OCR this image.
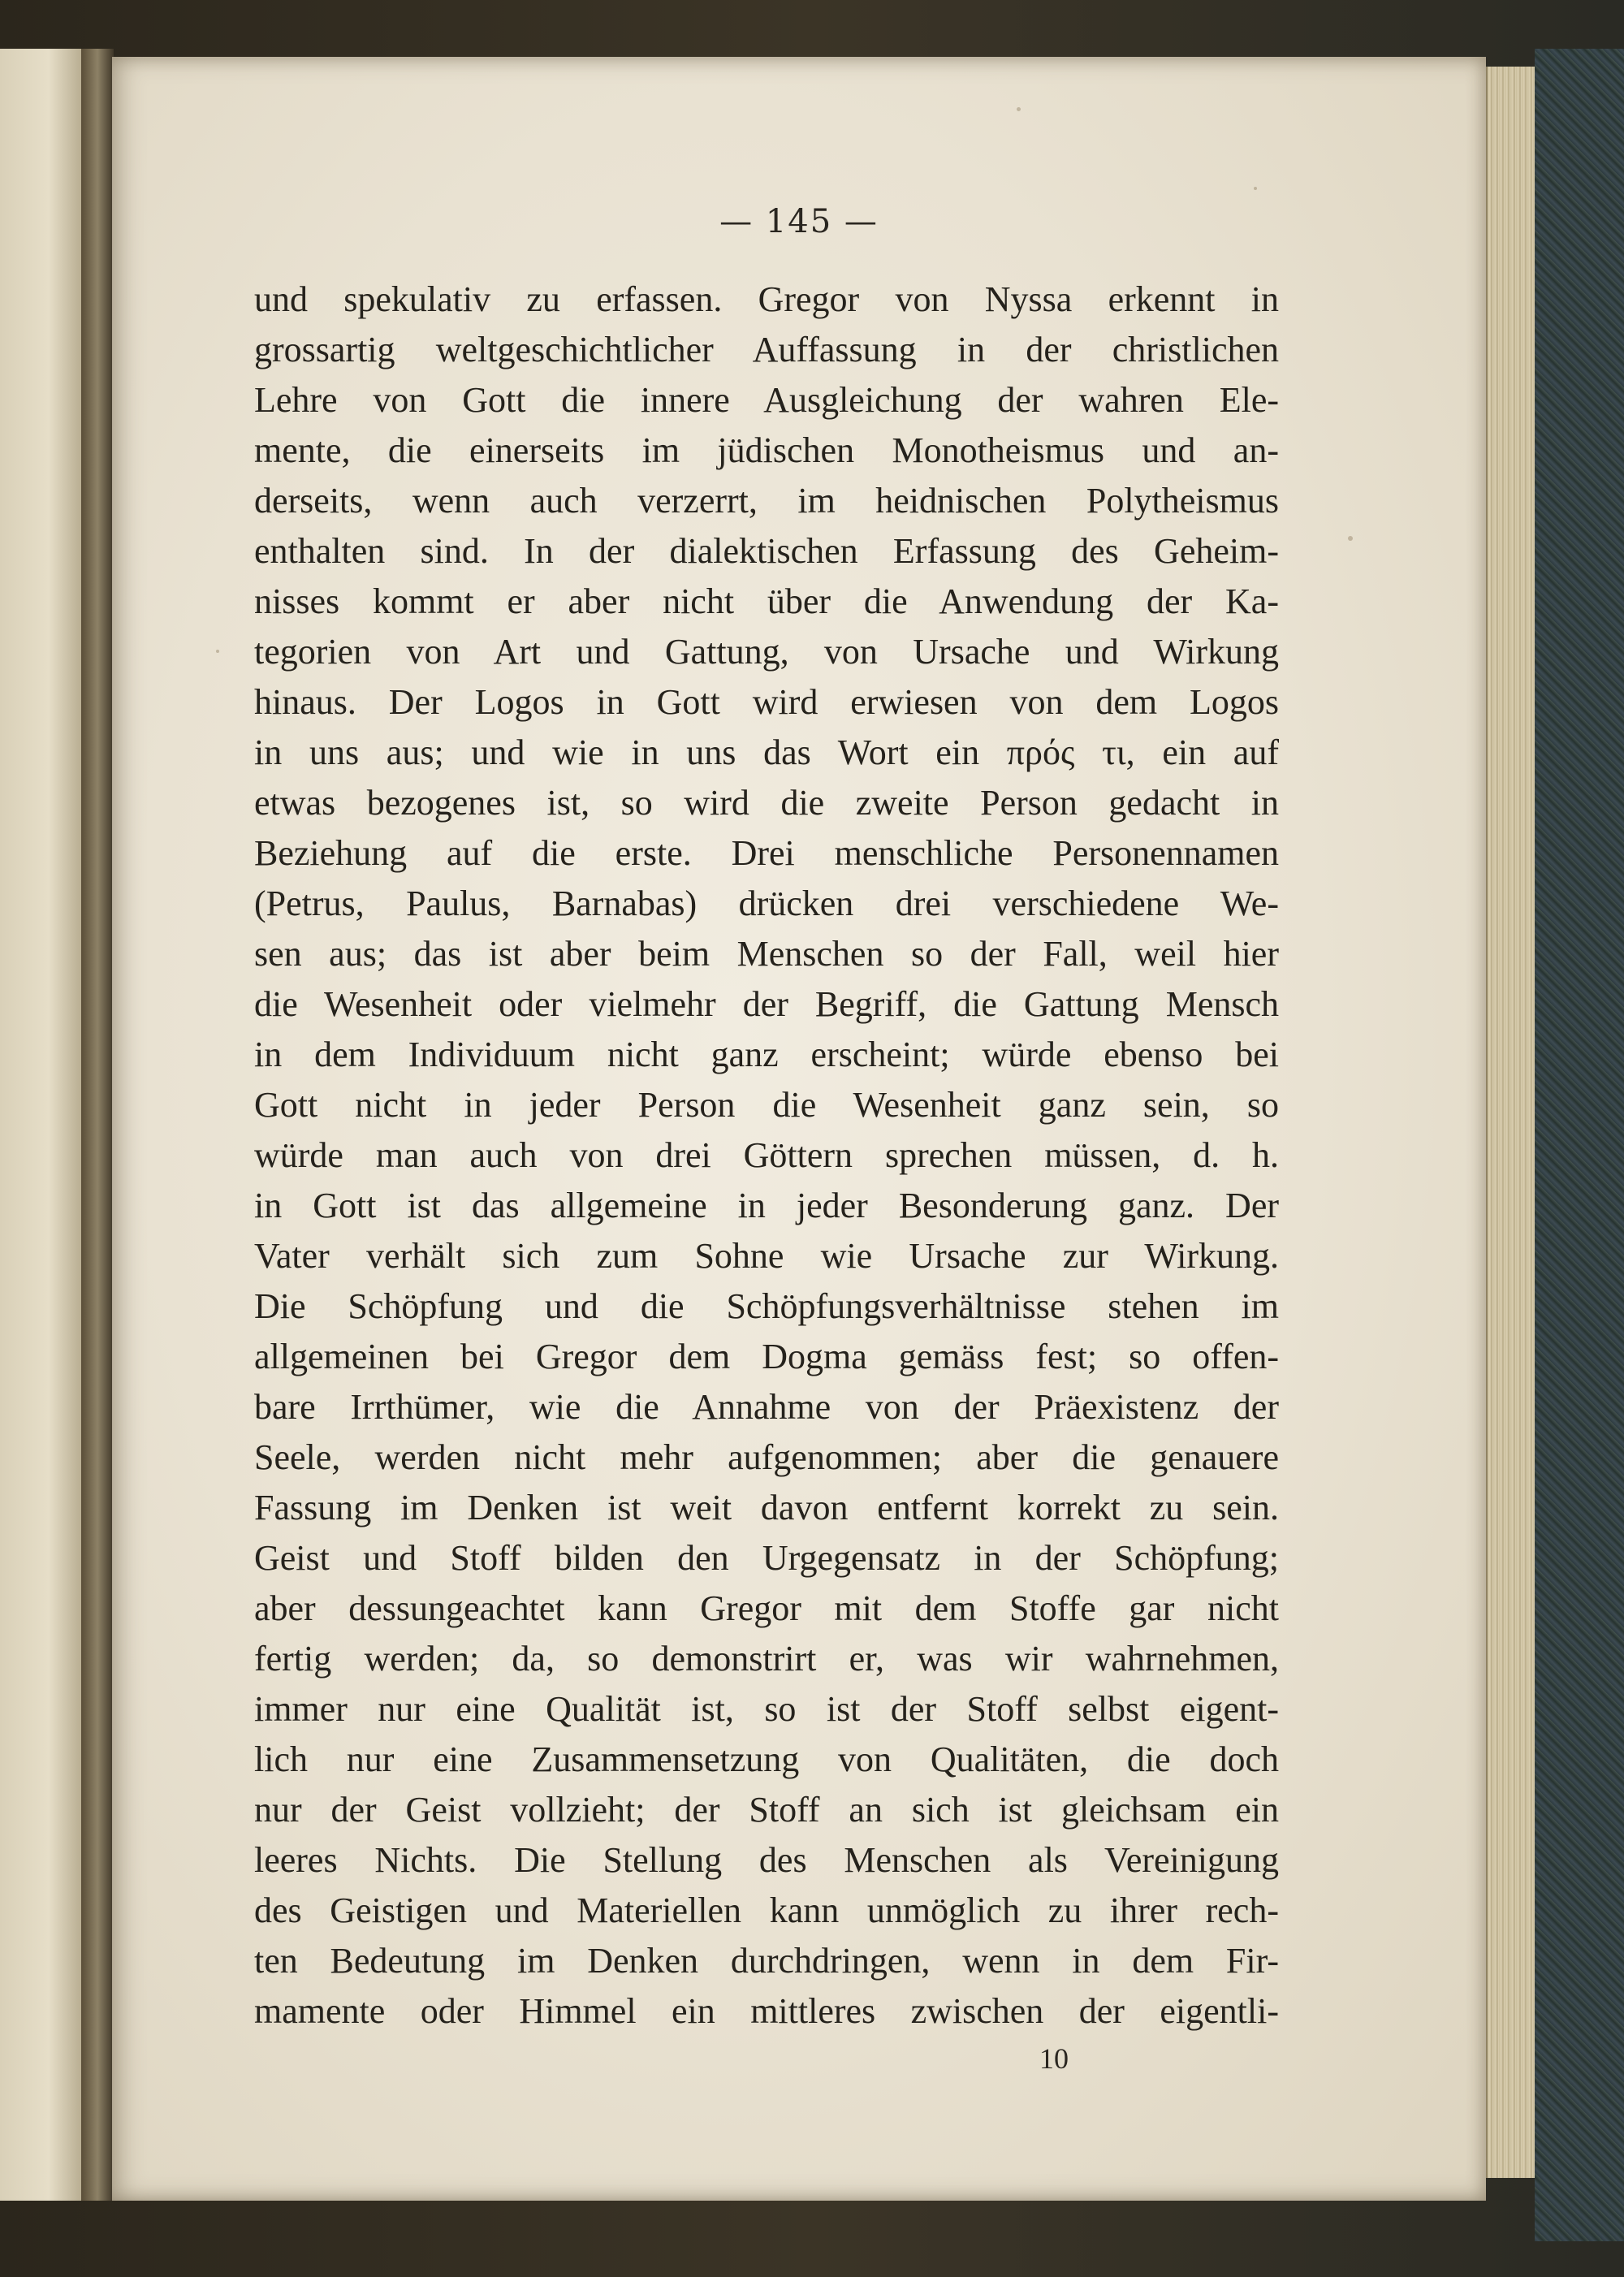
— 145 —
und spekulativ zu erfassen. Gregor von Nyssa erkennt in
grossartig weltgeschichtlicher Auffassung in der christlichen
Lehre von Gott die innere Ausgleichung der wahren Ele-
mente, die einerseits im jüdischen Monotheismus und an-
derseits, wenn auch verzerrt, im heidnischen Polytheismus
enthalten sind. In der dialektischen Erfassung des Geheim-
nisses kommt er aber nicht über die Anwendung der Ka-
tegorien von Art und Gattung, von Ursache und Wirkung
hinaus. Der Logos in Gott wird erwiesen von dem Logos
in uns aus; und wie in uns das Wort ein πρός τι, ein auf
etwas bezogenes ist, so wird die zweite Person gedacht in
Beziehung auf die erste. Drei menschliche Personennamen
(Petrus, Paulus, Barnabas) drücken drei verschiedene We-
sen aus; das ist aber beim Menschen so der Fall, weil hier
die Wesenheit oder vielmehr der Begriff, die Gattung Mensch
in dem Individuum nicht ganz erscheint; würde ebenso bei
Gott nicht in jeder Person die Wesenheit ganz sein, so
würde man auch von drei Göttern sprechen müssen, d. h.
in Gott ist das allgemeine in jeder Besonderung ganz. Der
Vater verhält sich zum Sohne wie Ursache zur Wirkung.
Die Schöpfung und die Schöpfungsverhältnisse stehen im
allgemeinen bei Gregor dem Dogma gemäss fest; so offen-
bare Irrthümer, wie die Annahme von der Präexistenz der
Seele, werden nicht mehr aufgenommen; aber die genauere
Fassung im Denken ist weit davon entfernt korrekt zu sein.
Geist und Stoff bilden den Urgegensatz in der Schöpfung;
aber dessungeachtet kann Gregor mit dem Stoffe gar nicht
fertig werden; da, so demonstrirt er, was wir wahrnehmen,
immer nur eine Qualität ist, so ist der Stoff selbst eigent-
lich nur eine Zusammensetzung von Qualitäten, die doch
nur der Geist vollzieht; der Stoff an sich ist gleichsam ein
leeres Nichts. Die Stellung des Menschen als Vereinigung
des Geistigen und Materiellen kann unmöglich zu ihrer rech-
ten Bedeutung im Denken durchdringen, wenn in dem Fir-
mamente oder Himmel ein mittleres zwischen der eigentli-
10
